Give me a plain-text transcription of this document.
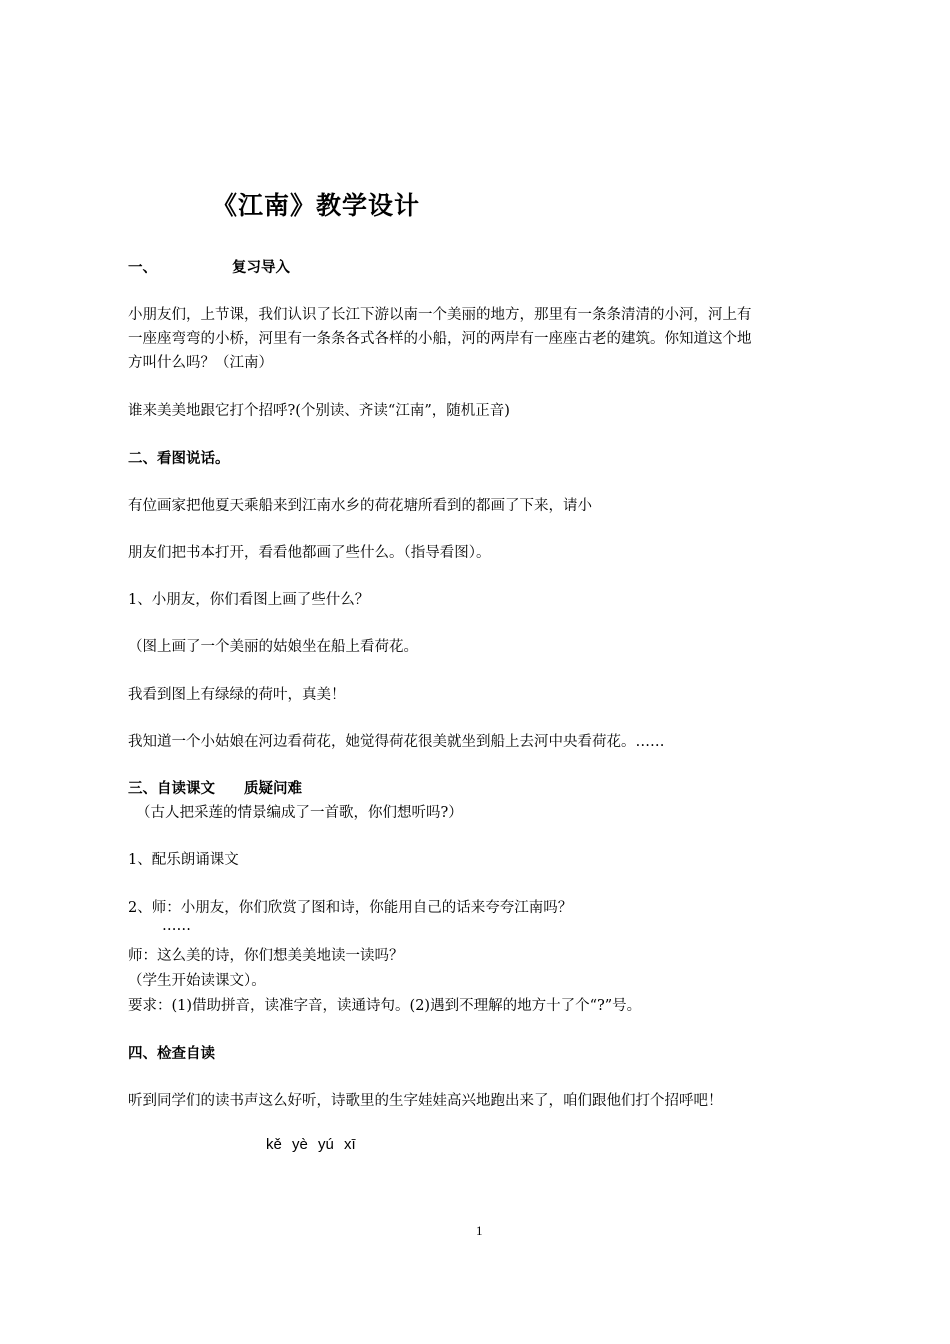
《江南》教学设计
一、	复习导入

小朋友们，上节课，我们认识了长江下游以南一个美丽的地方，那里有一条条清清的小河，河上有

一座座弯弯的小桥，河里有一条条各式各样的小船，河的两岸有一座座古老的建筑。你知道这个地

方叫什么吗？（江南）

谁来美美地跟它打个招呼?(个别读、齐读“江南”，随机正音)

二、看图说话。

有位画家把他夏天乘船来到江南水乡的荷花塘所看到的都画了下来，请小

朋友们把书本打开，看看他都画了些什么。（指导看图）。

1、小朋友，你们看图上画了些什么？

（图上画了一个美丽的姑娘坐在船上看荷花。

我看到图上有绿绿的荷叶，真美！

我知道一个小姑娘在河边看荷花，她觉得荷花很美就坐到船上去河中央看荷花。……

三、自读课文　　质疑问难

（古人把采莲的情景编成了一首歌，你们想听吗?）

1、配乐朗诵课文

2、师：小朋友，你们欣赏了图和诗，你能用自己的话来夸夸江南吗？

……

师：这么美的诗，你们想美美地读一读吗？

（学生开始读课文）。

要求：(1)借助拼音，读准字音，读通诗句。(2)遇到不理解的地方十了个“?”号。

四、检查自读

听到同学们的读书声这么好听，诗歌里的生字娃娃高兴地跑出来了，咱们跟他们打个招呼吧！

kě yè yú xī

1
